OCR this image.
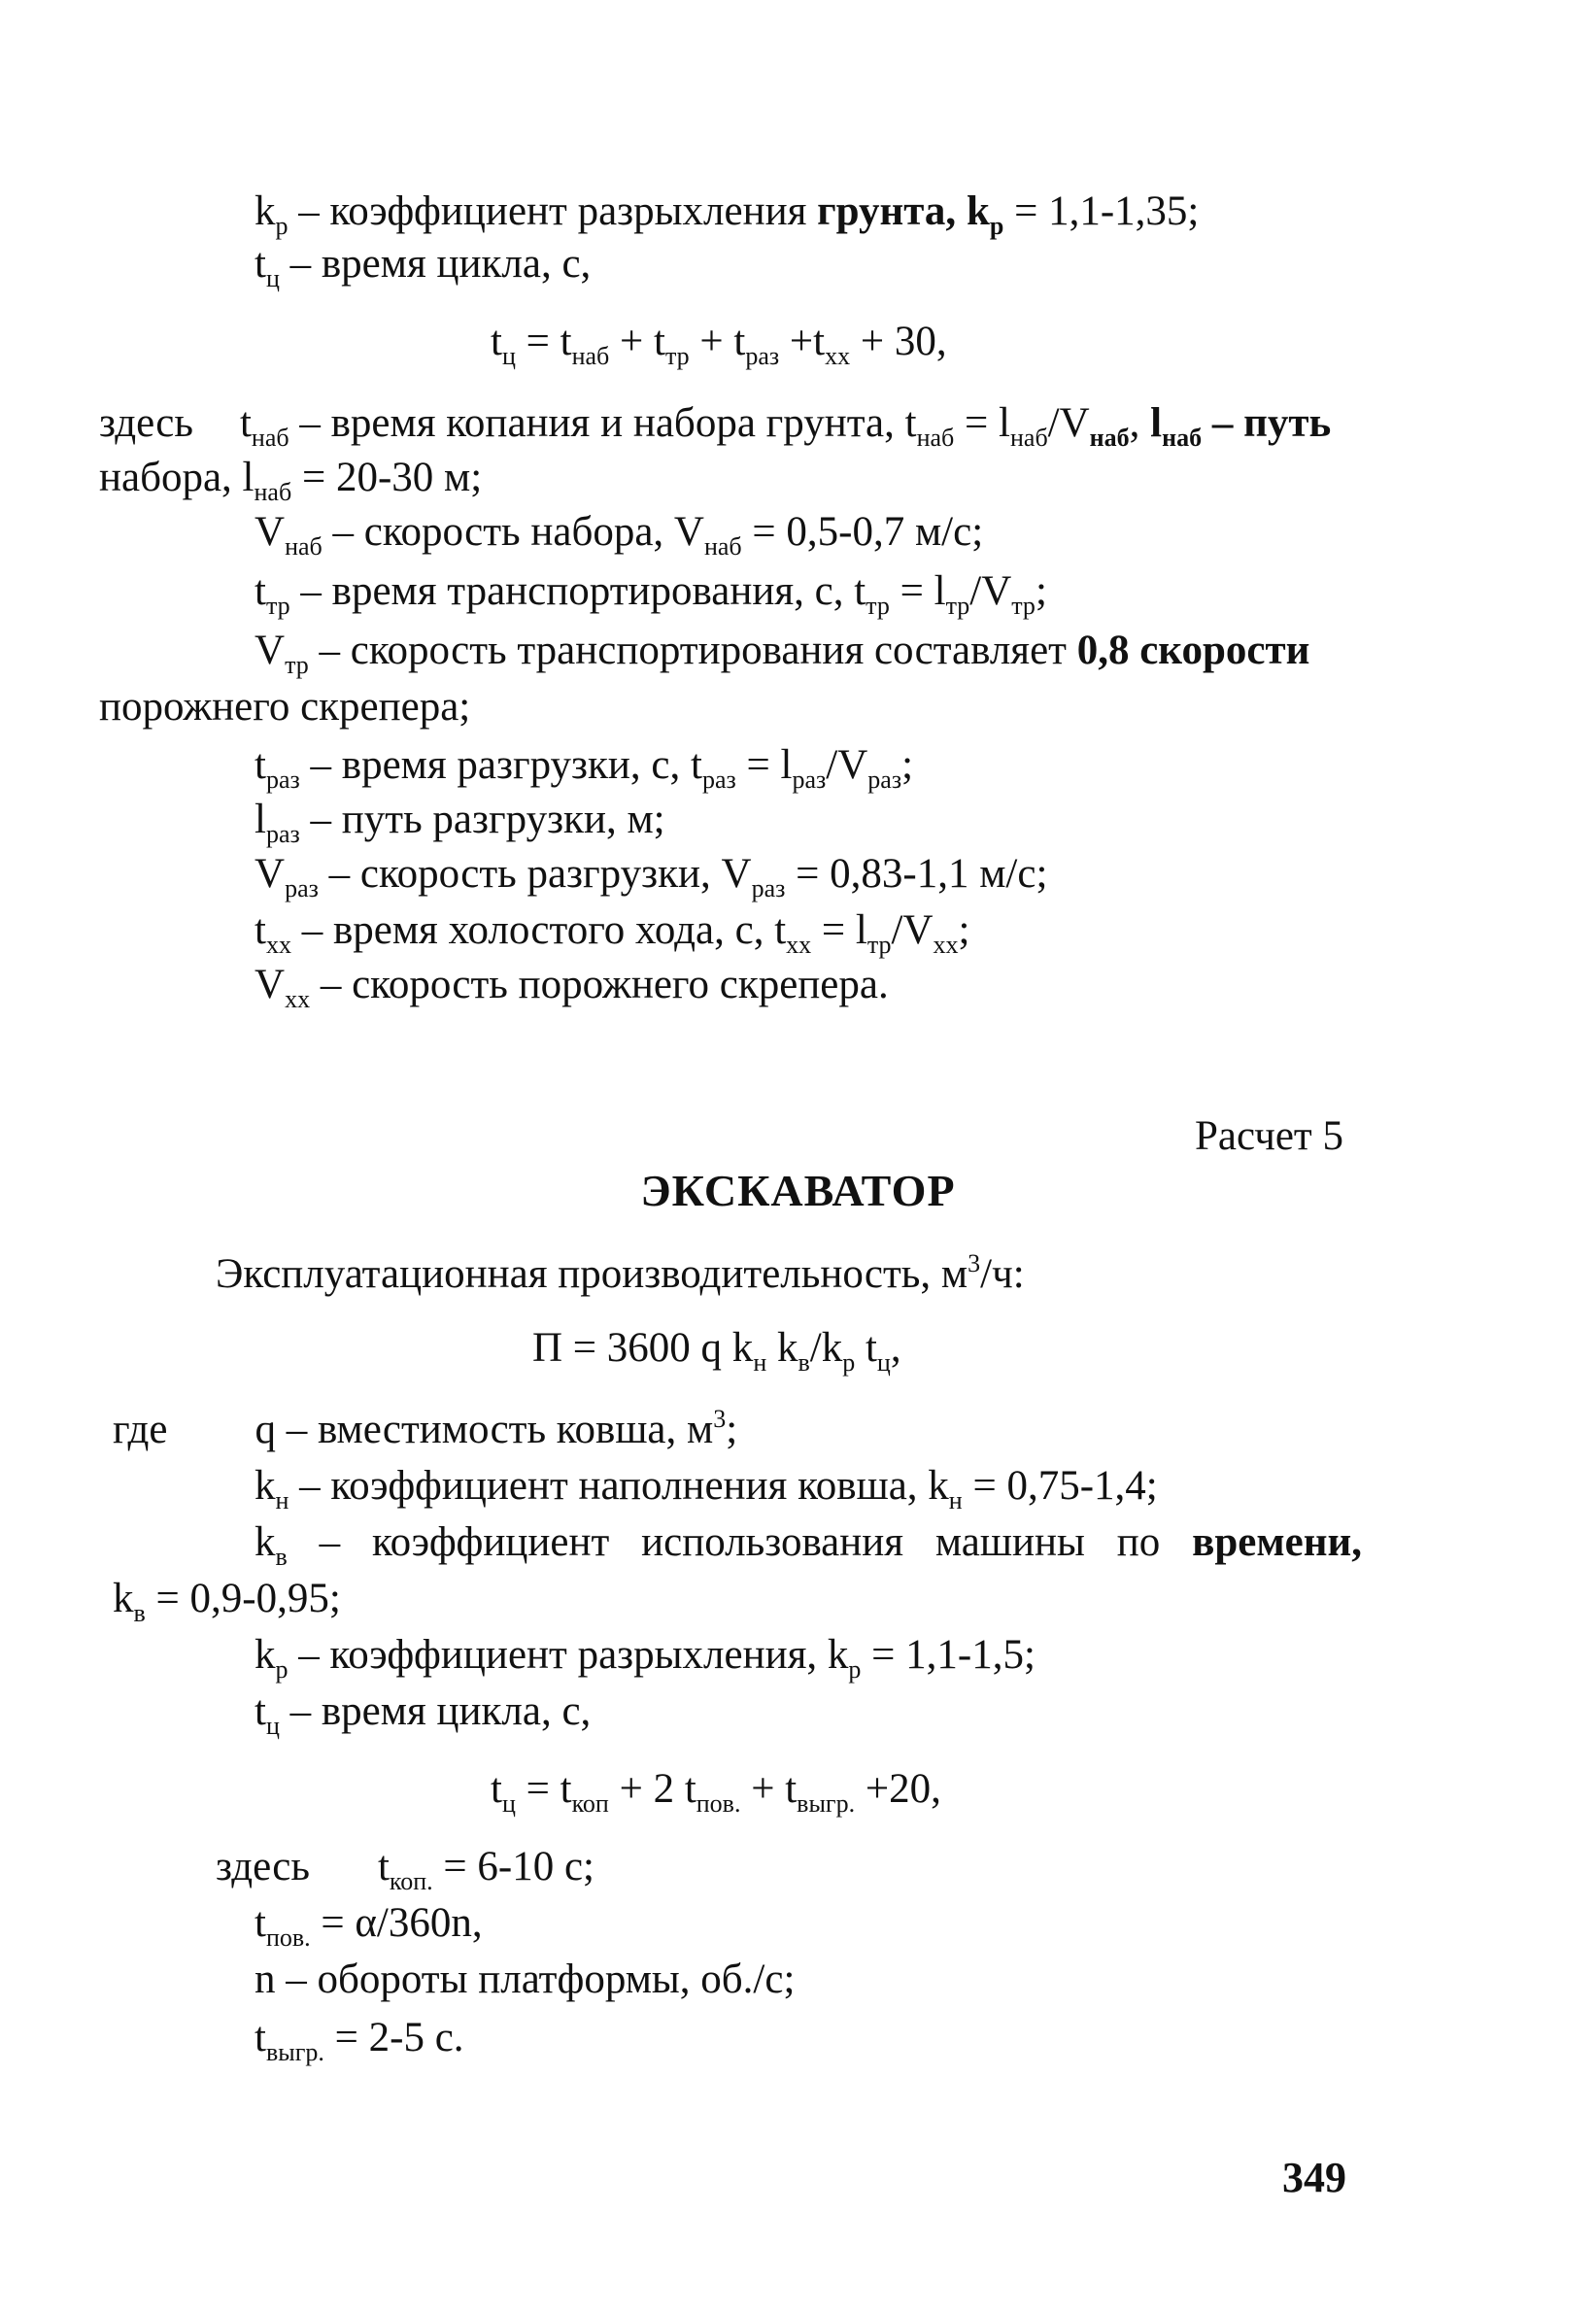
$k_р$ – коэффициент разрыхления грунта, $k_р = 1,1-1,35$;
$t_ц$ – время цикла, с,
$t_ц = t_{наб} + t_{тр} + t_{раз} +t_{хх} + 30$,
здесь $t_{наб}$ – время копания и набора грунта, $t_{наб} = l_{наб}/V_{наб}$, $l_{наб}$ – путь
набора, $l_{наб} = 20-30$ м;
$V_{наб}$ – скорость набора, $V_{наб} = 0,5-0,7$ м/с;
$t_{тр}$ – время транспортирования, с, $t_{тр} = l_{тр}/V_{тр}$;
$V_{тр}$ – скорость транспортирования составляет 0,8 скорости
порожнего скрепера;
$t_{раз}$ – время разгрузки, с, $t_{раз} = l_{раз}/V_{раз}$;
$l_{раз}$ – путь разгрузки, м;
$V_{раз}$ – скорость разгрузки, $V_{раз} = 0,83-1,1$ м/с;
$t_{хх}$ – время холостого хода, с, $t_{хх} = l_{тр}/V_{хх}$;
$V_{хх}$ – скорость порожнего скрепера.
Расчет 5
ЭКСКАВАТОР
Эксплуатационная производительность, $м^3/ч$:
П = 3600 q $k_н$ $k_в/k_р$ $t_ц$,
где q – вместимость ковша, $м^3$;
$k_н$ – коэффициент наполнения ковша, $k_н = 0,75-1,4$;
$k_в$ – коэффициент использования машины по времени,
$k_в = 0,9-0,95$;
$k_р$ – коэффициент разрыхления, $k_р = 1,1-1,5$;
$t_ц$ – время цикла, с,
$t_ц = t_{коп} + 2$ $t_{пов.} + t_{выгр.} +20$,
здесь $t_{коп.} = 6-10$ с;
$t_{пов.} = \alpha/360n$,
n – обороты платформы, об./с;
$t_{выгр.} = 2-5$ с.
349
